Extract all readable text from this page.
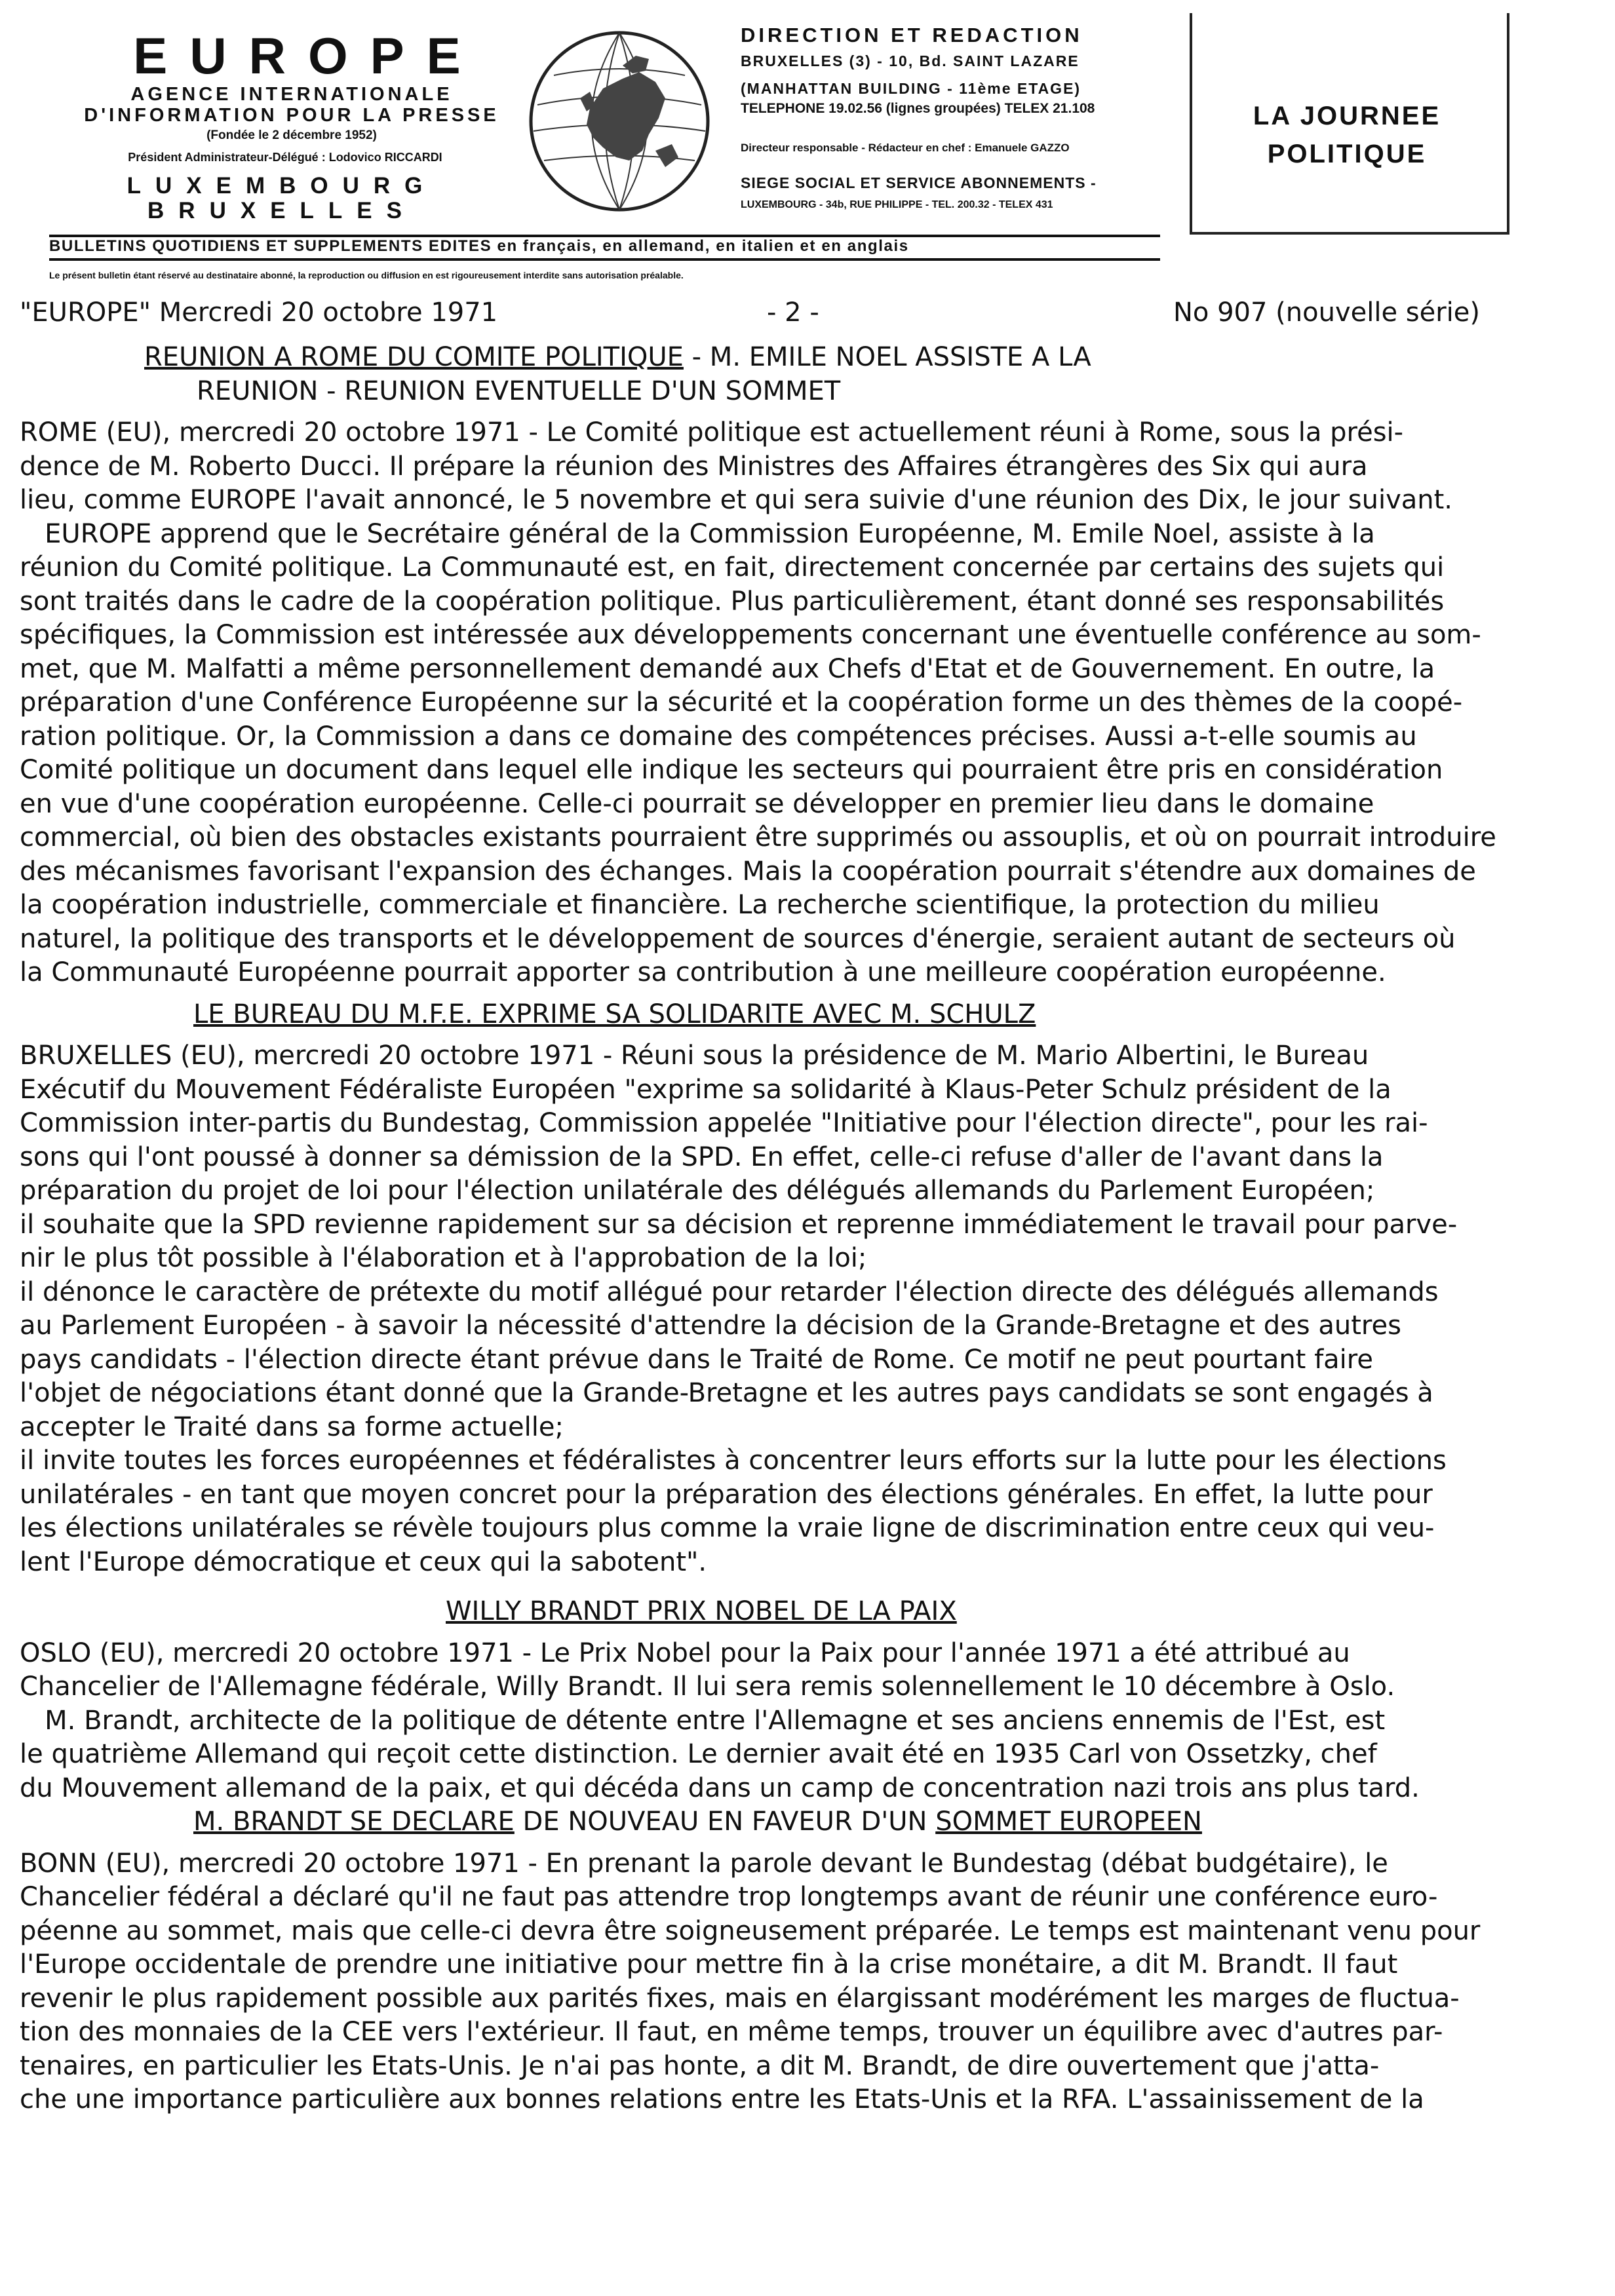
EUROPE
AGENCE INTERNATIONALE
D'INFORMATION POUR LA PRESSE
(Fondée le 2 décembre 1952)
Président Administrateur-Délégué : Lodovico RICCARDI
LUXEMBOURG
BRUXELLES
DIRECTION ET REDACTION
BRUXELLES (3) - 10, Bd. SAINT LAZARE
(MANHATTAN BUILDING - 11ème ETAGE)
TELEPHONE 19.02.56 (lignes groupées) TELEX 21.108
Directeur responsable - Rédacteur en chef : Emanuele GAZZO
SIEGE SOCIAL ET SERVICE ABONNEMENTS -
LUXEMBOURG - 34b, RUE PHILIPPE - TEL. 200.32 - TELEX 431
LA JOURNEE
POLITIQUE
BULLETINS QUOTIDIENS ET SUPPLEMENTS EDITES en français, en allemand, en italien et en anglais
Le présent bulletin étant réservé au destinataire abonné, la reproduction ou diffusion en est rigoureusement interdite sans autorisation préalable.
"EUROPE" Mercredi 20 octobre 1971	- 2 -	No 907 (nouvelle série)
REUNION A ROME DU COMITE POLITIQUE - M. EMILE NOEL ASSISTE A LA
REUNION - REUNION EVENTUELLE D'UN SOMMET
ROME (EU), mercredi 20 octobre 1971 - Le Comité politique est actuellement réuni à Rome, sous la prési-
dence de M. Roberto Ducci. Il prépare la réunion des Ministres des Affaires étrangères des Six qui aura
lieu, comme EUROPE l'avait annoncé, le 5 novembre et qui sera suivie d'une réunion des Dix, le jour suivant.
EUROPE apprend que le Secrétaire général de la Commission Européenne, M. Emile Noel, assiste à la
réunion du Comité politique. La Communauté est, en fait, directement concernée par certains des sujets qui
sont traités dans le cadre de la coopération politique. Plus particulièrement, étant donné ses responsabilités
spécifiques, la Commission est intéressée aux développements concernant une éventuelle conférence au som-
met, que M. Malfatti a même personnellement demandé aux Chefs d'Etat et de Gouvernement. En outre, la
préparation d'une Conférence Européenne sur la sécurité et la coopération forme un des thèmes de la coopé-
ration politique. Or, la Commission a dans ce domaine des compétences précises. Aussi a-t-elle soumis au
Comité politique un document dans lequel elle indique les secteurs qui pourraient être pris en considération
en vue d'une coopération européenne. Celle-ci pourrait se développer en premier lieu dans le domaine
commercial, où bien des obstacles existants pourraient être supprimés ou assouplis, et où on pourrait introduire
des mécanismes favorisant l'expansion des échanges. Mais la coopération pourrait s'étendre aux domaines de
la coopération industrielle, commerciale et financière. La recherche scientifique, la protection du milieu
naturel, la politique des transports et le développement de sources d'énergie, seraient autant de secteurs où
la Communauté Européenne pourrait apporter sa contribution à une meilleure coopération européenne.
LE BUREAU DU M.F.E. EXPRIME SA SOLIDARITE AVEC M. SCHULZ
BRUXELLES (EU), mercredi 20 octobre 1971 - Réuni sous la présidence de M. Mario Albertini, le Bureau
Exécutif du Mouvement Fédéraliste Européen "exprime sa solidarité à Klaus-Peter Schulz président de la
Commission inter-partis du Bundestag, Commission appelée "Initiative pour l'élection directe", pour les rai-
sons qui l'ont poussé à donner sa démission de la SPD. En effet, celle-ci refuse d'aller de l'avant dans la
préparation du projet de loi pour l'élection unilatérale des délégués allemands du Parlement Européen;
il souhaite que la SPD revienne rapidement sur sa décision et reprenne immédiatement le travail pour parve-
nir le plus tôt possible à l'élaboration et à l'approbation de la loi;
il dénonce le caractère de prétexte du motif allégué pour retarder l'élection directe des délégués allemands
au Parlement Européen - à savoir la nécessité d'attendre la décision de la Grande-Bretagne et des autres
pays candidats - l'élection directe étant prévue dans le Traité de Rome. Ce motif ne peut pourtant faire
l'objet de négociations étant donné que la Grande-Bretagne et les autres pays candidats se sont engagés à
accepter le Traité dans sa forme actuelle;
il invite toutes les forces européennes et fédéralistes à concentrer leurs efforts sur la lutte pour les élections
unilatérales - en tant que moyen concret pour la préparation des élections générales. En effet, la lutte pour
les élections unilatérales se révèle toujours plus comme la vraie ligne de discrimination entre ceux qui veu-
lent l'Europe démocratique et ceux qui la sabotent".
WILLY BRANDT PRIX NOBEL DE LA PAIX
OSLO (EU), mercredi 20 octobre 1971 - Le Prix Nobel pour la Paix pour l'année 1971 a été attribué au
Chancelier de l'Allemagne fédérale, Willy Brandt. Il lui sera remis solennellement le 10 décembre à Oslo.
M. Brandt, architecte de la politique de détente entre l'Allemagne et ses anciens ennemis de l'Est, est
le quatrième Allemand qui reçoit cette distinction. Le dernier avait été en 1935 Carl von Ossetzky, chef
du Mouvement allemand de la paix, et qui décéda dans un camp de concentration nazi trois ans plus tard.
M. BRANDT SE DECLARE DE NOUVEAU EN FAVEUR D'UN SOMMET EUROPEEN
BONN (EU), mercredi 20 octobre 1971 - En prenant la parole devant le Bundestag (débat budgétaire), le
Chancelier fédéral a déclaré qu'il ne faut pas attendre trop longtemps avant de réunir une conférence euro-
péenne au sommet, mais que celle-ci devra être soigneusement préparée. Le temps est maintenant venu pour
l'Europe occidentale de prendre une initiative pour mettre fin à la crise monétaire, a dit M. Brandt. Il faut
revenir le plus rapidement possible aux parités fixes, mais en élargissant modérément les marges de fluctua-
tion des monnaies de la CEE vers l'extérieur. Il faut, en même temps, trouver un équilibre avec d'autres par-
tenaires, en particulier les Etats-Unis. Je n'ai pas honte, a dit M. Brandt, de dire ouvertement que j'atta-
che une importance particulière aux bonnes relations entre les Etats-Unis et la RFA. L'assainissement de la
